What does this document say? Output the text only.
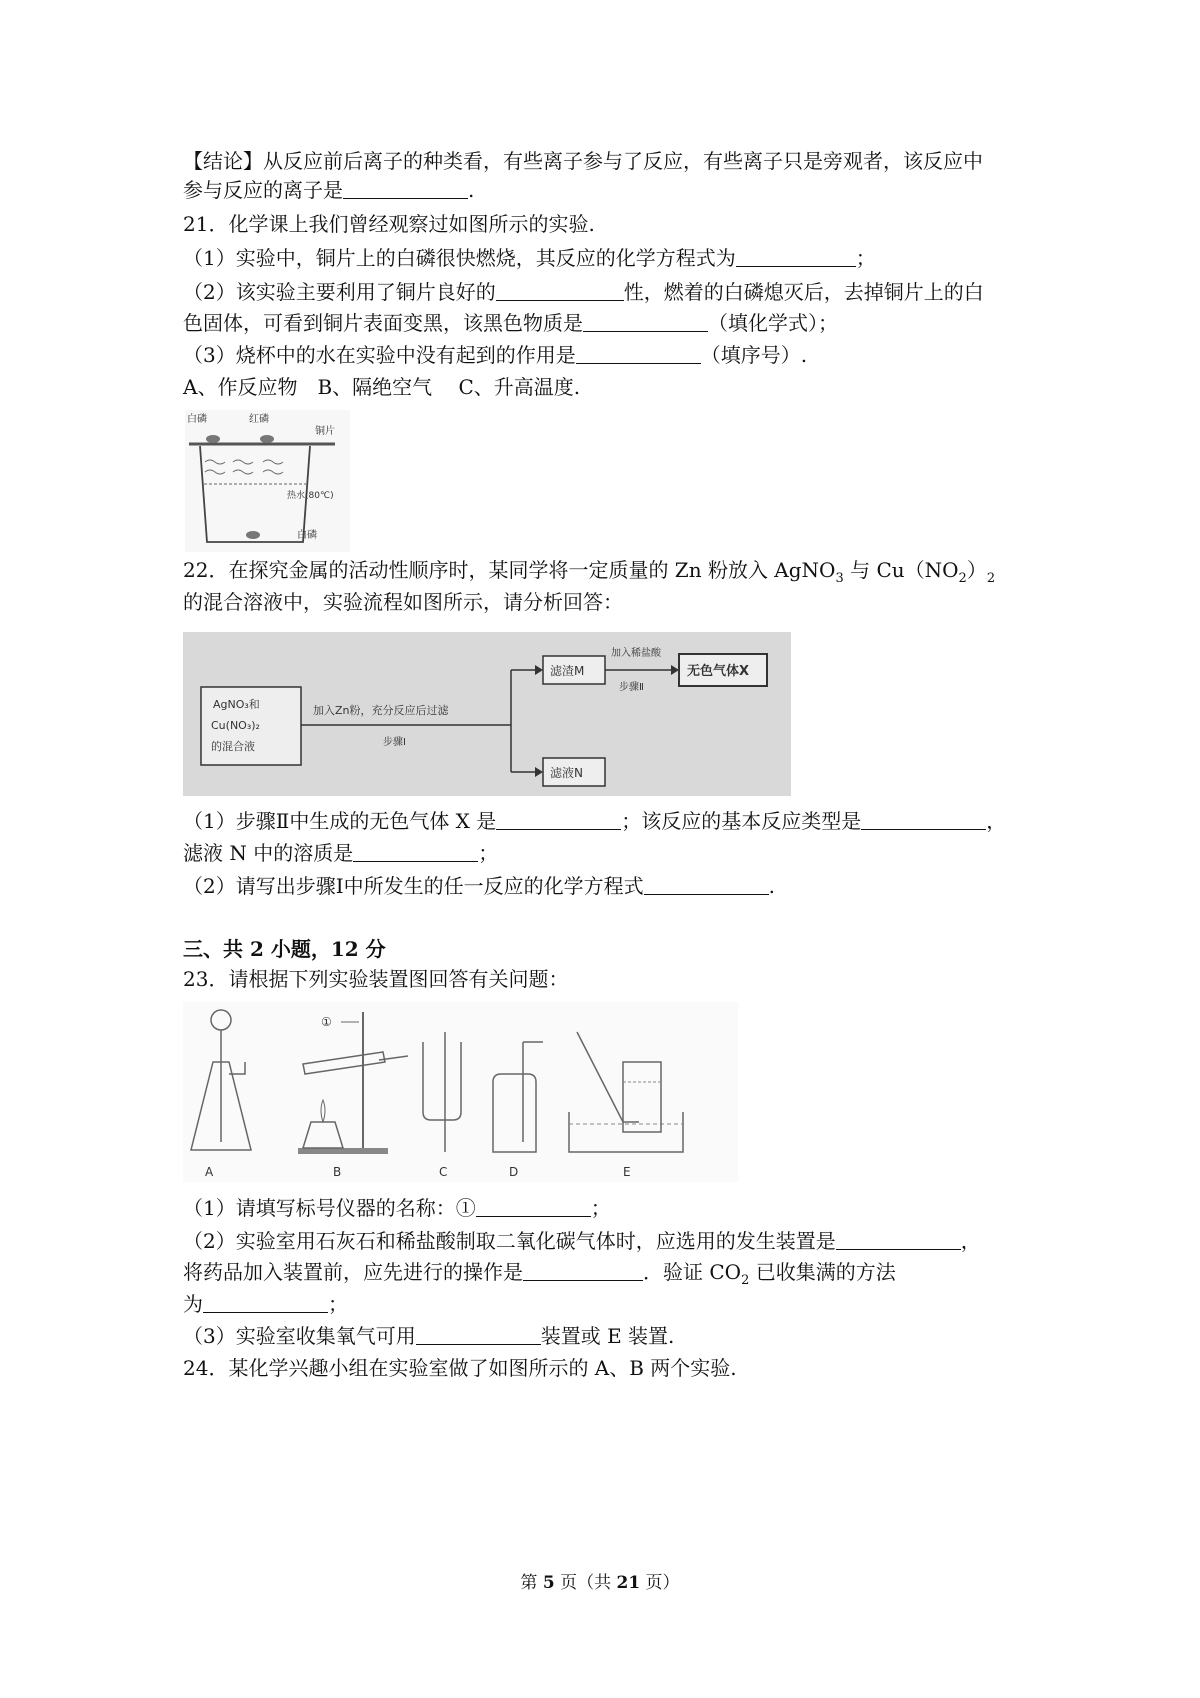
【结论】从反应前后离子的种类看，有些离子参与了反应，有些离子只是旁观者，该反应中
参与反应的离子是	.
21．化学课上我们曾经观察过如图所示的实验.
（1）实验中，铜片上的白磷很快燃烧，其反应的化学方程式为	；
（2）该实验主要利用了铜片良好的	性，燃着的白磷熄灭后，去掉铜片上的白
色固体，可看到铜片表面变黑，该黑色物质是	（填化学式）；
（3）烧杯中的水在实验中没有起到的作用是	（填序号）.
A、作反应物　B、隔绝空气　 C、升高温度.
白磷	红磷
铜片
热水(80℃)
白磷
22．在探究金属的活动性顺序时，某同学将一定质量的 Zn 粉放入 AgNO$_3$ 与 $Cu(NO_2)_2$
的混合溶液中，实验流程如图所示，请分析回答：
AgNO₃和
Cu(NO₃)₂
的混合液
加入Zn粉，充分反应后过滤
步骤Ⅰ
滤渣M
加入稀盐酸
步骤Ⅱ
无色气体X
滤液N
（1）步骤Ⅱ中生成的无色气体 X 是	；该反应的基本反应类型是	，
滤液 N 中的溶质是	；
（2）请写出步骤Ⅰ中所发生的任一反应的化学方程式	.
三、共 2 小题，12 分
23．请根据下列实验装置图回答有关问题：
①
A	B	C	D	E
（1）请填写标号仪器的名称：①	；
（2）实验室用石灰石和稀盐酸制取二氧化碳气体时，应选用的发生装置是	，
将药品加入装置前，应先进行的操作是	．验证 $CO_2$ 已收集满的方法
为	；
（3）实验室收集氧气可用	装置或 E 装置.
24．某化学兴趣小组在实验室做了如图所示的 A、B 两个实验.
第 5 页（共 21 页）
